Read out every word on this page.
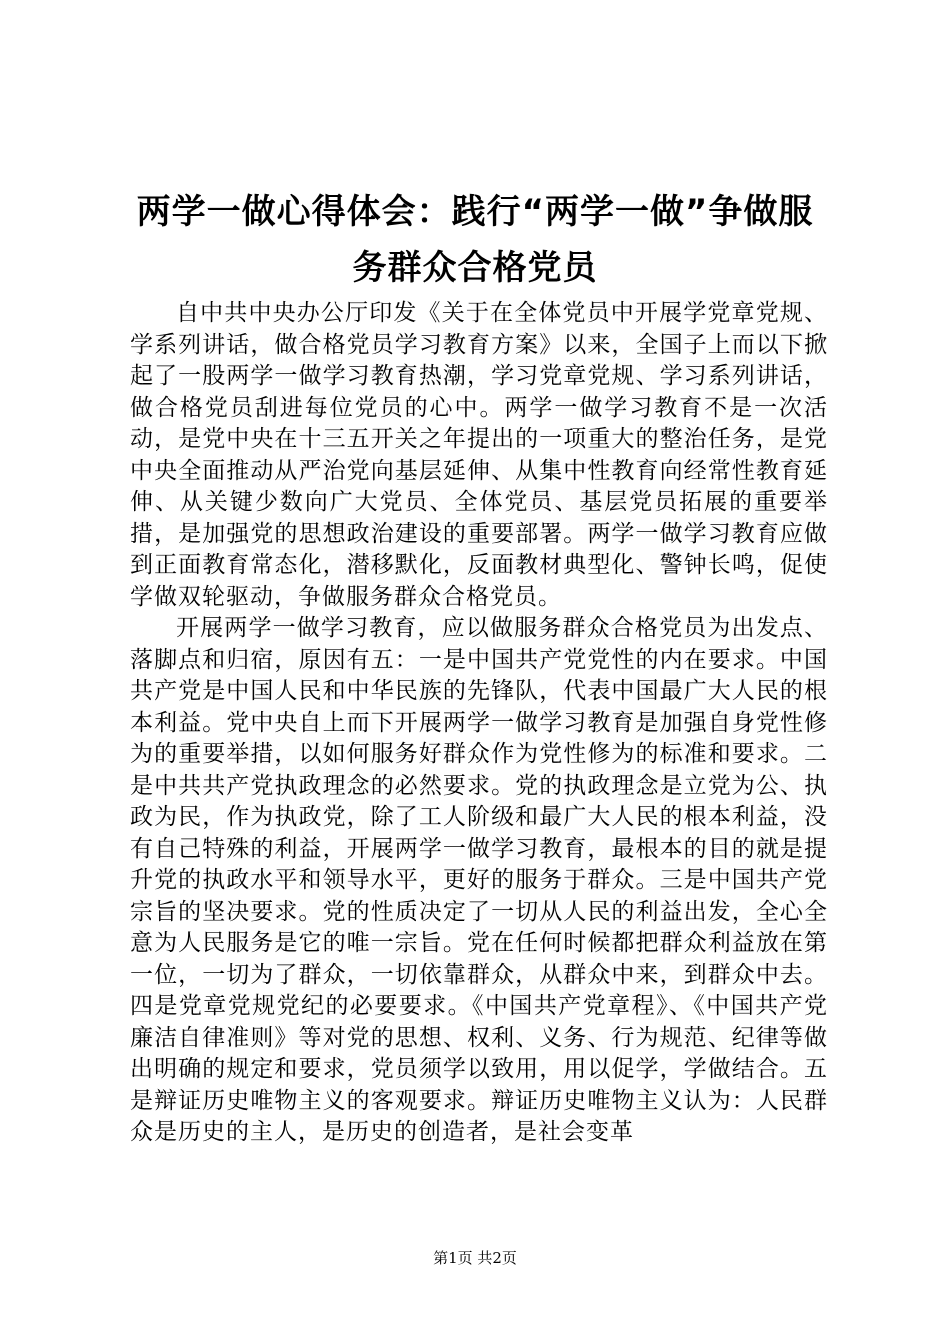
两学一做心得体会：践行“两学一做”争做服
务群众合格党员

自中共中央办公厅印发《关于在全体党员中开展学党章党规、学系列讲话，做合格党员学习教育方案》以来，全国子上而以下掀起了一股两学一做学习教育热潮，学习党章党规、学习系列讲话，做合格党员刮进每位党员的心中。两学一做学习教育不是一次活动，是党中央在十三五开关之年提出的一项重大的整治任务，是党中央全面推动从严治党向基层延伸、从集中性教育向经常性教育延伸、从关键少数向广大党员、全体党员、基层党员拓展的重要举措，是加强党的思想政治建设的重要部署。两学一做学习教育应做到正面教育常态化，潜移默化，反面教材典型化、警钟长鸣，促使学做双轮驱动，争做服务群众合格党员。

开展两学一做学习教育，应以做服务群众合格党员为出发点、落脚点和归宿，原因有五：一是中国共产党党性的内在要求。中国共产党是中国人民和中华民族的先锋队，代表中国最广大人民的根本利益。党中央自上而下开展两学一做学习教育是加强自身党性修为的重要举措，以如何服务好群众作为党性修为的标准和要求。二是中共共产党执政理念的必然要求。党的执政理念是立党为公、执政为民，作为执政党，除了工人阶级和最广大人民的根本利益，没有自己特殊的利益，开展两学一做学习教育，最根本的目的就是提升党的执政水平和领导水平，更好的服务于群众。三是中国共产党宗旨的坚决要求。党的性质决定了一切从人民的利益出发，全心全意为人民服务是它的唯一宗旨。党在任何时候都把群众利益放在第一位，一切为了群众，一切依靠群众，从群众中来，到群众中去。四是党章党规党纪的必要要求。《中国共产党章程》、《中国共产党廉洁自律准则》等对党的思想、权利、义务、行为规范、纪律等做出明确的规定和要求，党员须学以致用，用以促学，学做结合。五是辩证历史唯物主义的客观要求。辩证历史唯物主义认为：人民群众是历史的主人，是历史的创造者，是社会变革

第1页 共2页
